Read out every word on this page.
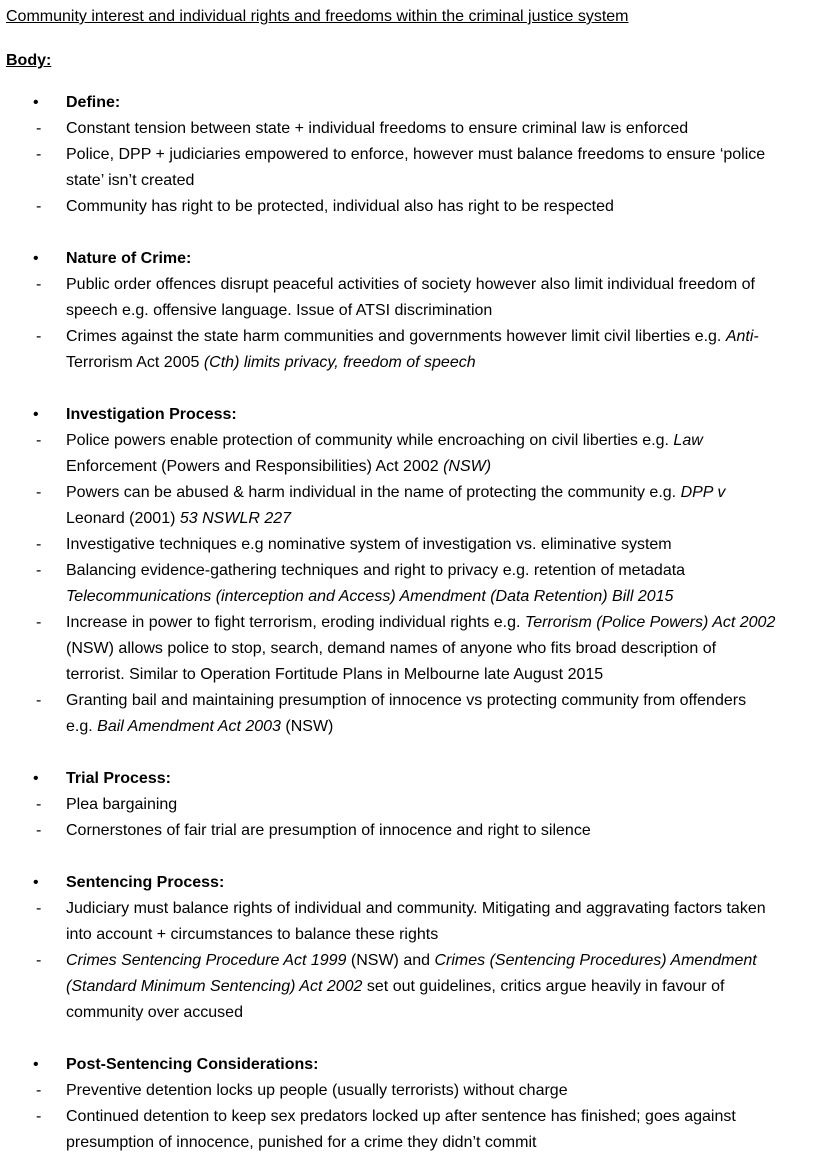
Community interest and individual rights and freedoms within the criminal justice system
Body:
• Define:
- Constant tension between state + individual freedoms to ensure criminal law is enforced
- Police, DPP + judiciaries empowered to enforce, however must balance freedoms to ensure ‘police
state’ isn’t created
- Community has right to be protected, individual also has right to be respected
• Nature of Crime:
- Public order offences disrupt peaceful activities of society however also limit individual freedom of
speech e.g. offensive language. Issue of ATSI discrimination
- Crimes against the state harm communities and governments however limit civil liberties e.g. Anti-
Terrorism Act 2005 (Cth) limits privacy, freedom of speech
• Investigation Process:
- Police powers enable protection of community while encroaching on civil liberties e.g. Law
Enforcement (Powers and Responsibilities) Act 2002 (NSW)
- Powers can be abused & harm individual in the name of protecting the community e.g. DPP v
Leonard (2001) 53 NSWLR 227
- Investigative techniques e.g nominative system of investigation vs. eliminative system
- Balancing evidence-gathering techniques and right to privacy e.g. retention of metadata
Telecommunications (interception and Access) Amendment (Data Retention) Bill 2015
- Increase in power to fight terrorism, eroding individual rights e.g. Terrorism (Police Powers) Act 2002
(NSW) allows police to stop, search, demand names of anyone who fits broad description of
terrorist. Similar to Operation Fortitude Plans in Melbourne late August 2015
- Granting bail and maintaining presumption of innocence vs protecting community from offenders
e.g. Bail Amendment Act 2003 (NSW)
• Trial Process:
- Plea bargaining
- Cornerstones of fair trial are presumption of innocence and right to silence
• Sentencing Process:
- Judiciary must balance rights of individual and community. Mitigating and aggravating factors taken
into account + circumstances to balance these rights
- Crimes Sentencing Procedure Act 1999 (NSW) and Crimes (Sentencing Procedures) Amendment
(Standard Minimum Sentencing) Act 2002 set out guidelines, critics argue heavily in favour of
community over accused
• Post-Sentencing Considerations:
- Preventive detention locks up people (usually terrorists) without charge
- Continued detention to keep sex predators locked up after sentence has finished; goes against
presumption of innocence, punished for a crime they didn’t commit
